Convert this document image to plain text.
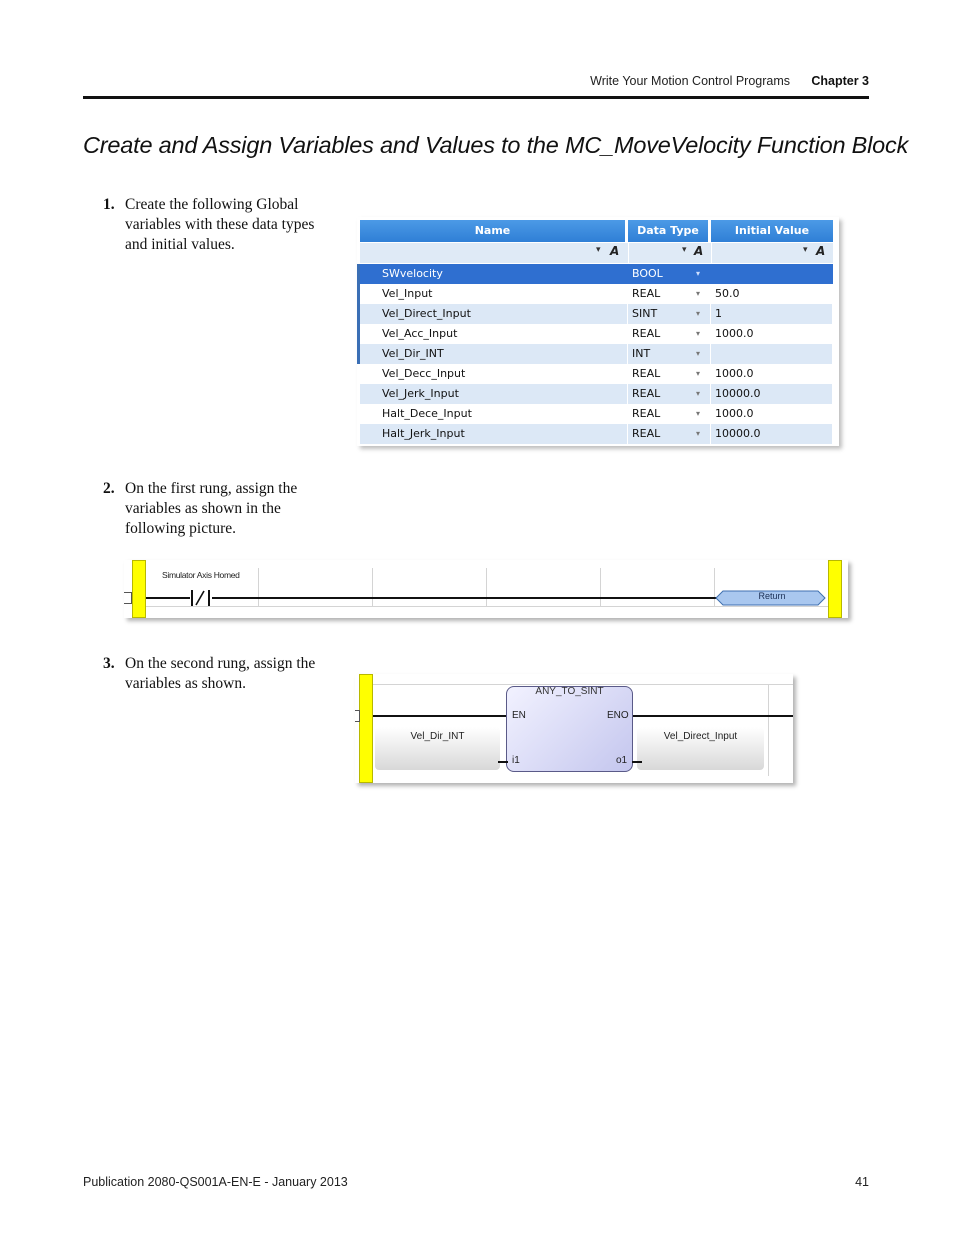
Write Your Motion Control Programs Chapter 3
Create and Assign Variables and Values to the MC_MoveVelocity Function Block
1. Create the following Global
variables with these data types
and initial values.
Name	Data Type	Initial Value
▾ A	▾ A	▾ A
SWvelocity	BOOL	▾
Vel_Input	REAL	50.0
▾
Vel_Direct_Input	SINT	1
▾
Vel_Acc_Input	REAL	1000.0
▾
Vel_Dir_INT	INT	▾
Vel_Decc_Input	REAL	1000.0
▾
Vel_Jerk_Input	REAL	10000.0
▾
Halt_Dece_Input	REAL	1000.0
▾
Halt_Jerk_Input	REAL	10000.0
▾
2. On the first rung, assign the
variables as shown in the
following picture.
Simulator Axis Homed
Return
3. On the second rung, assign the
variables as shown.	ANY_TO_SINT
EN	ENO
i1	o1
Vel_Dir_INT	Vel_Direct_Input
Publication 2080-QS001A-EN-E - January 2013	41
